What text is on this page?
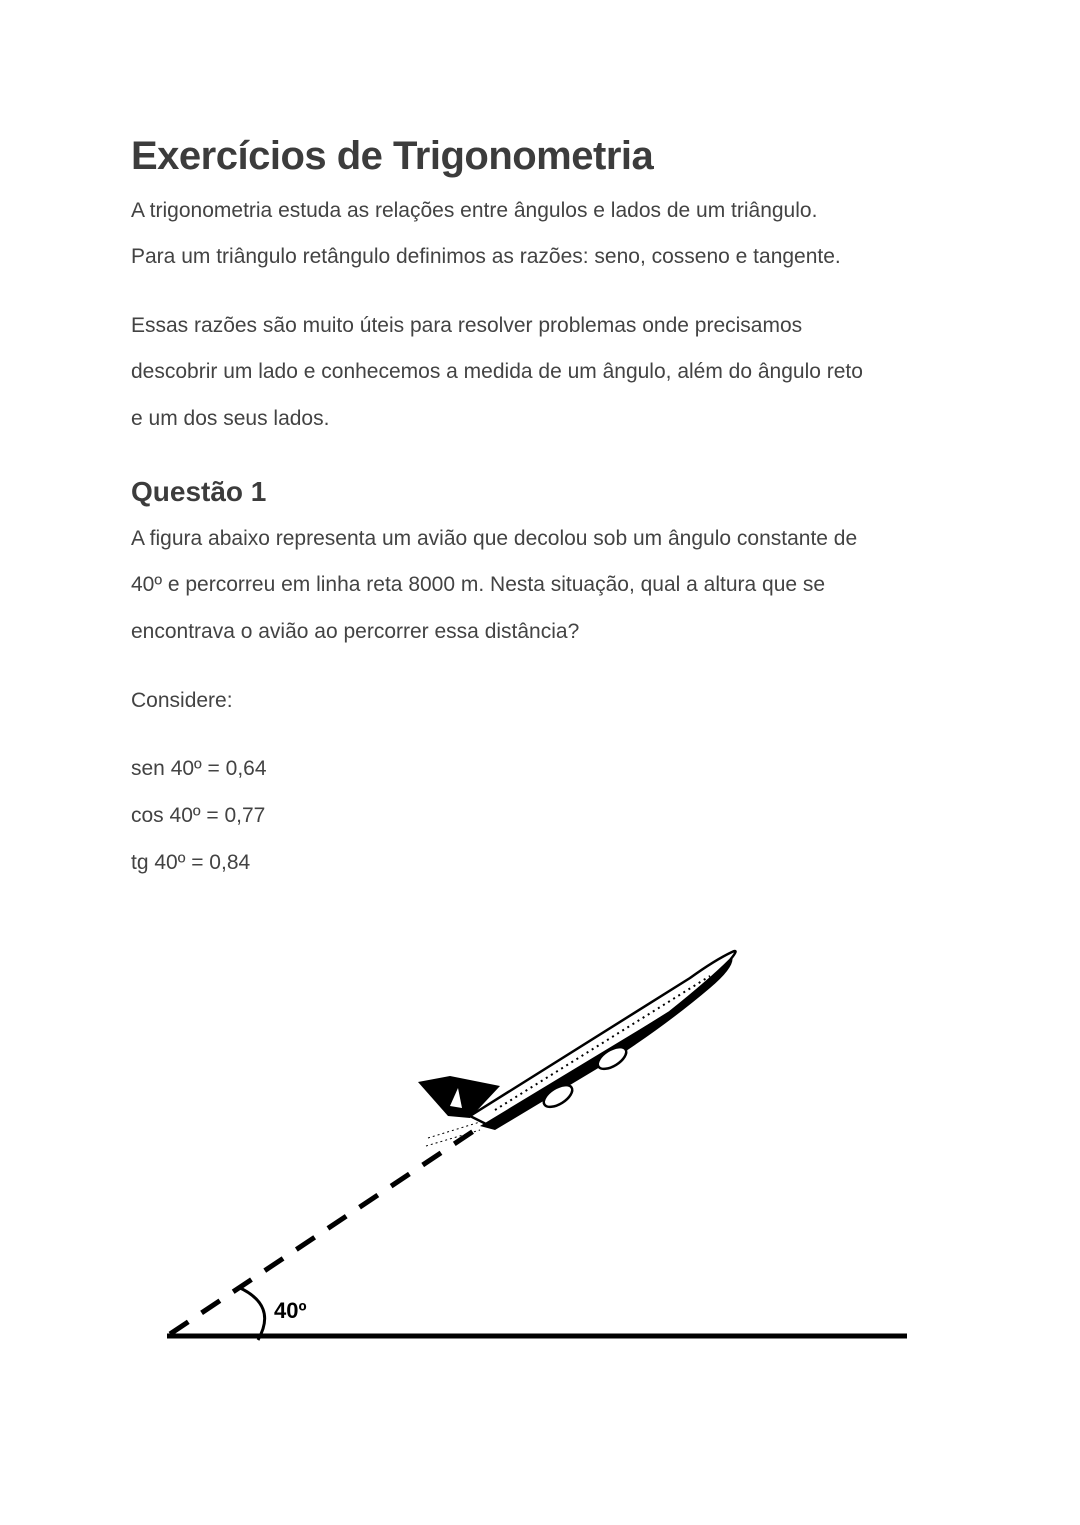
Exercícios de Trigonometria

A trigonometria estuda as relações entre ângulos e lados de um triângulo.

Para um triângulo retângulo definimos as razões: seno, cosseno e tangente.

Essas razões são muito úteis para resolver problemas onde precisamos

descobrir um lado e conhecemos a medida de um ângulo, além do ângulo reto

e um dos seus lados.

Questão 1

A figura abaixo representa um avião que decolou sob um ângulo constante de

40º e percorreu em linha reta 8000 m. Nesta situação, qual a altura que se

encontrava o avião ao percorrer essa distância?

Considere:

sen 40º = 0,64

cos 40º = 0,77

tg 40º = 0,84

40º
